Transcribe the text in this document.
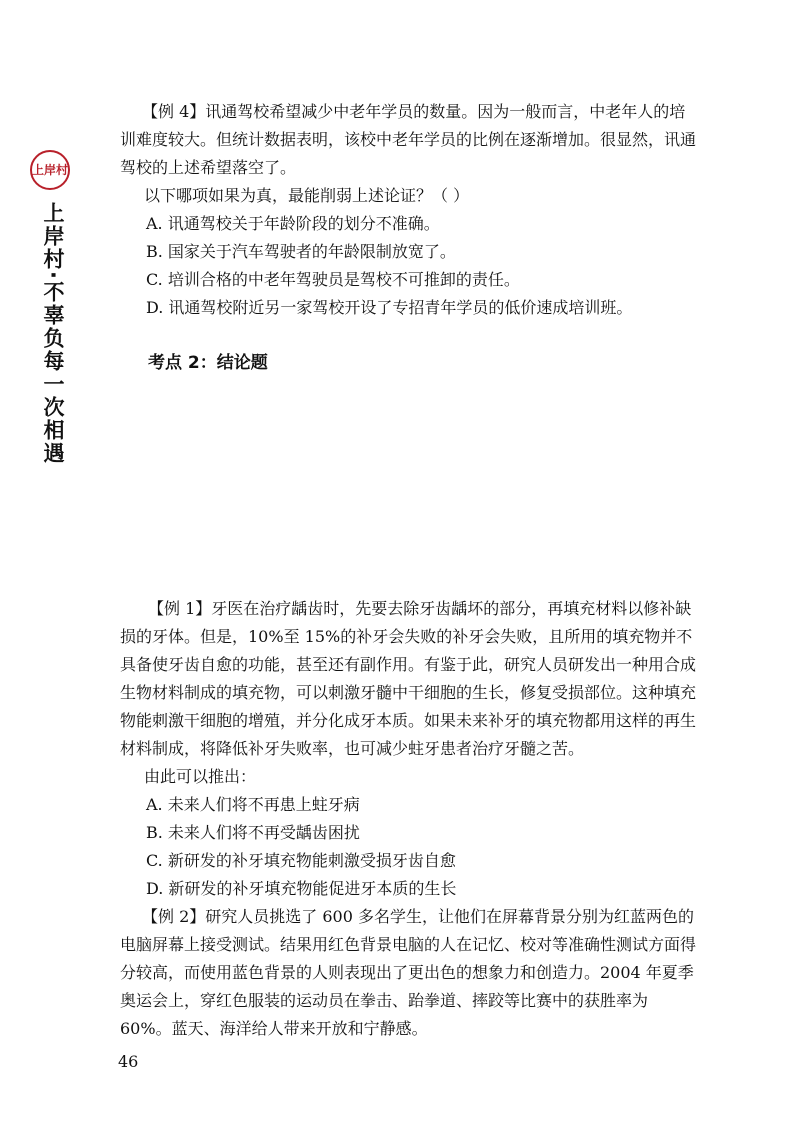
上岸村
上岸村·不辜负每一次相遇

【例 4】讯通驾校希望减少中老年学员的数量。因为一般而言，中老年人的培训难度较大。但统计数据表明，该校中老年学员的比例在逐渐增加。很显然，讯通驾校的上述希望落空了。

以下哪项如果为真，最能削弱上述论证？（ ）

A. 讯通驾校关于年龄阶段的划分不准确。

B. 国家关于汽车驾驶者的年龄限制放宽了。

C. 培训合格的中老年驾驶员是驾校不可推卸的责任。

D. 讯通驾校附近另一家驾校开设了专招青年学员的低价速成培训班。

考点 2：结论题

【例 1】牙医在治疗龋齿时，先要去除牙齿龋坏的部分，再填充材料以修补缺损的牙体。但是，10%至 15%的补牙会失败的补牙会失败，且所用的填充物并不具备使牙齿自愈的功能，甚至还有副作用。有鉴于此，研究人员研发出一种用合成生物材料制成的填充物，可以刺激牙髓中干细胞的生长，修复受损部位。这种填充物能刺激干细胞的增殖，并分化成牙本质。如果未来补牙的填充物都用这样的再生材料制成，将降低补牙失败率，也可减少蛀牙患者治疗牙髓之苦。

由此可以推出：

A. 未来人们将不再患上蛀牙病

B. 未来人们将不再受龋齿困扰

C. 新研发的补牙填充物能刺激受损牙齿自愈

D. 新研发的补牙填充物能促进牙本质的生长

【例 2】研究人员挑选了 600 多名学生，让他们在屏幕背景分别为红蓝两色的电脑屏幕上接受测试。结果用红色背景电脑的人在记忆、校对等准确性测试方面得分较高，而使用蓝色背景的人则表现出了更出色的想象力和创造力。2004 年夏季奥运会上，穿红色服装的运动员在拳击、跆拳道、摔跤等比赛中的获胜率为 60%。蓝天、海洋给人带来开放和宁静感。

46
